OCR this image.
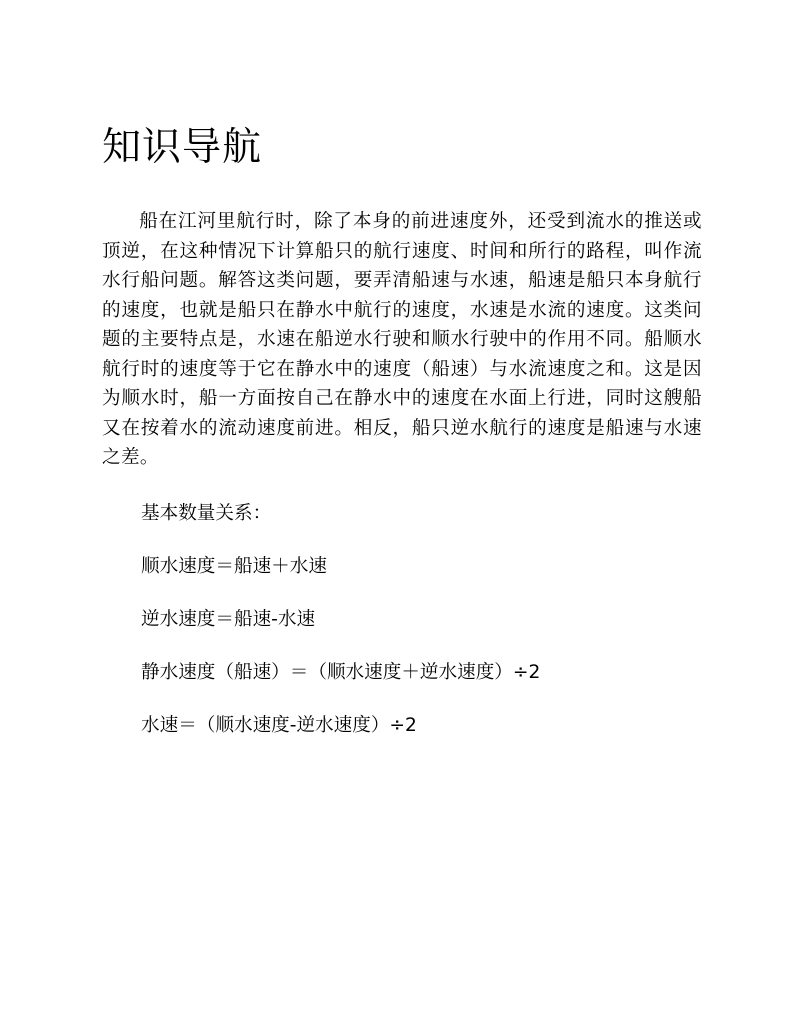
知识导航

船在江河里航行时，除了本身的前进速度外，还受到流水的推送或顶逆，在这种情况下计算船只的航行速度、时间和所行的路程，叫作流水行船问题。解答这类问题，要弄清船速与水速，船速是船只本身航行的速度，也就是船只在静水中航行的速度，水速是水流的速度。这类问题的主要特点是，水速在船逆水行驶和顺水行驶中的作用不同。船顺水航行时的速度等于它在静水中的速度（船速）与水流速度之和。这是因为顺水时，船一方面按自己在静水中的速度在水面上行进，同时这艘船又在按着水的流动速度前进。相反，船只逆水航行的速度是船速与水速之差。

基本数量关系：

顺水速度＝船速＋水速

逆水速度＝船速-水速

静水速度（船速）＝（顺水速度＋逆水速度）÷2

水速＝（顺水速度-逆水速度）÷2
